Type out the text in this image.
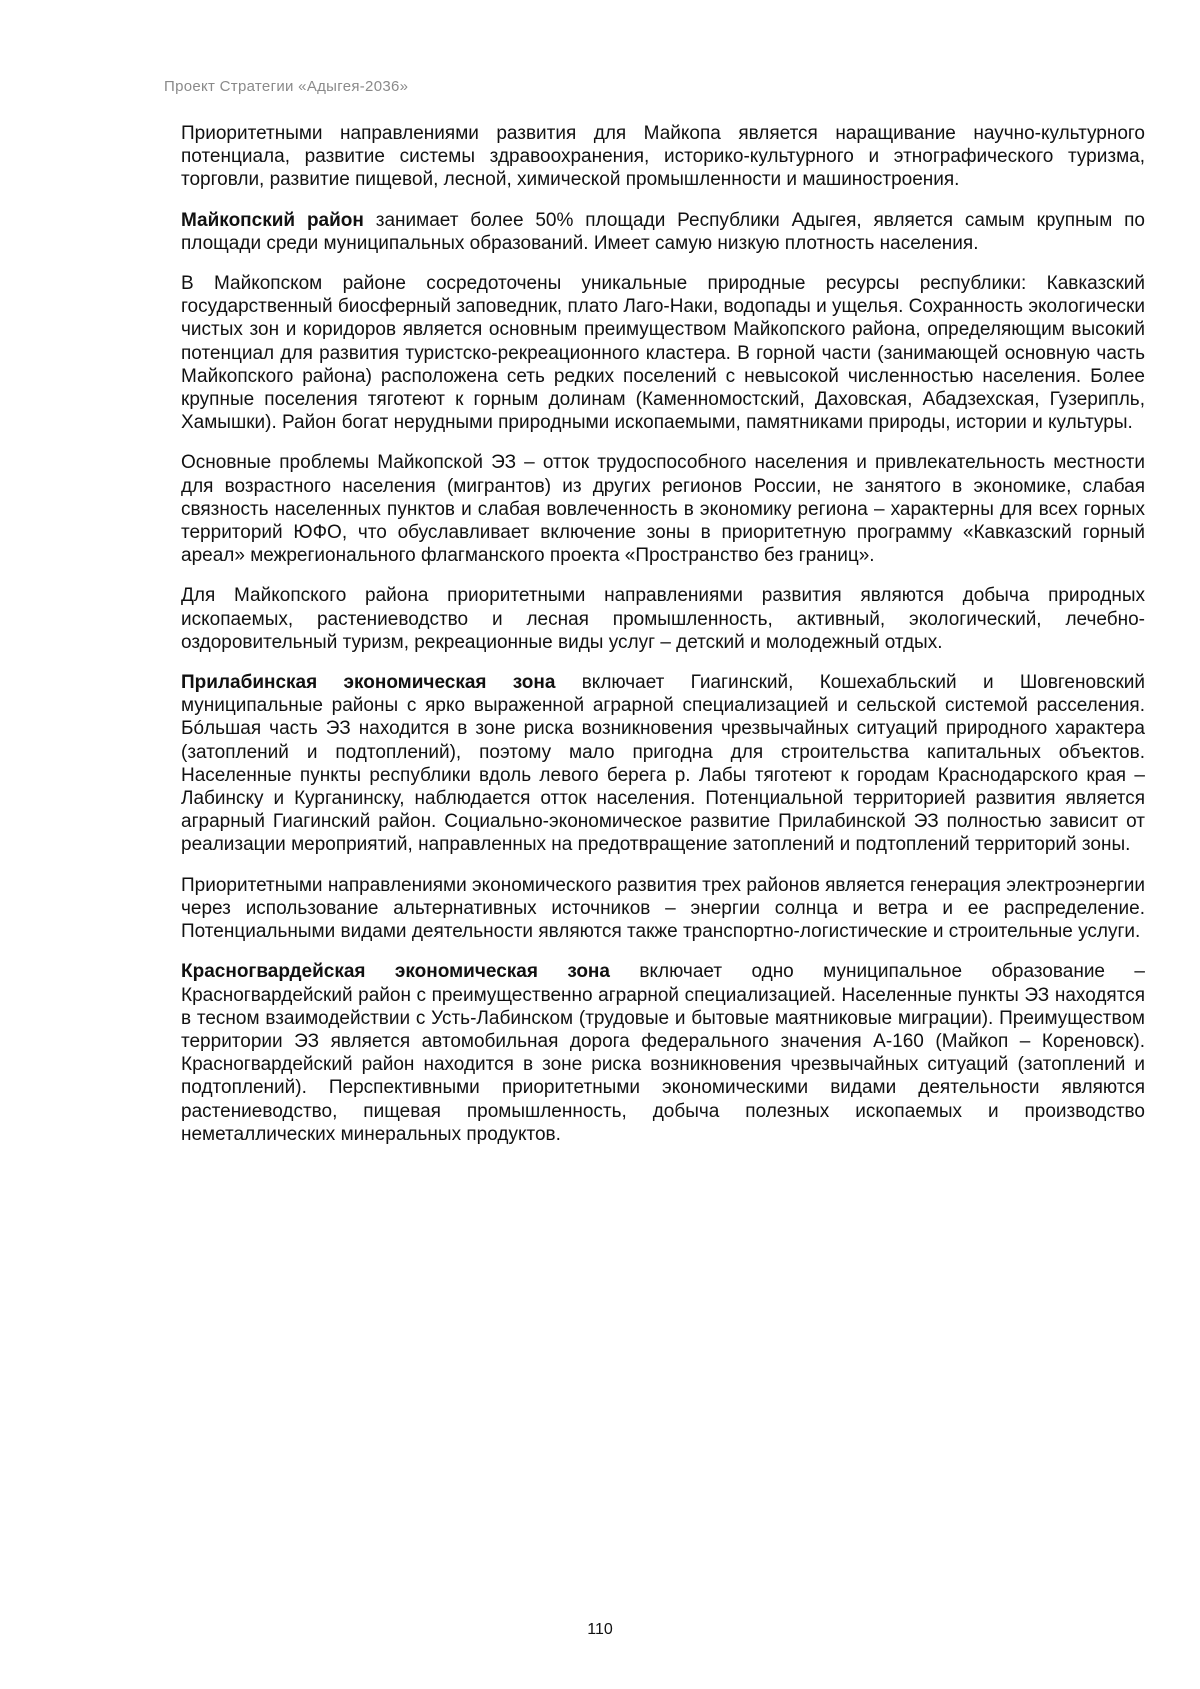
Проект Стратегии «Адыгея-2036»

Приоритетными направлениями развития для Майкопа является наращивание научно-культурного потенциала, развитие системы здравоохранения, историко-культурного и этнографического туризма, торговли, развитие пищевой, лесной, химической промышленности и машиностроения.

Майкопский район занимает более 50% площади Республики Адыгея, является самым крупным по площади среди муниципальных образований. Имеет самую низкую плотность населения.

В Майкопском районе сосредоточены уникальные природные ресурсы республики: Кавказский государственный биосферный заповедник, плато Лаго-Наки, водопады и ущелья. Сохранность экологически чистых зон и коридоров является основным преимуществом Майкопского района, определяющим высокий потенциал для развития туристско-рекреационного кластера. В горной части (занимающей основную часть Майкопского района) расположена сеть редких поселений с невысокой численностью населения. Более крупные поселения тяготеют к горным долинам (Каменномостский, Даховская, Абадзехская, Гузерипль, Хамышки). Район богат нерудными природными ископаемыми, памятниками природы, истории и культуры.

Основные проблемы Майкопской ЭЗ – отток трудоспособного населения и привлекательность местности для возрастного населения (мигрантов) из других регионов России, не занятого в экономике, слабая связность населенных пунктов и слабая вовлеченность в экономику региона – характерны для всех горных территорий ЮФО, что обуславливает включение зоны в приоритетную программу «Кавказский горный ареал» межрегионального флагманского проекта «Пространство без границ».

Для Майкопского района приоритетными направлениями развития являются добыча природных ископаемых, растениеводство и лесная промышленность, активный, экологический, лечебно-оздоровительный туризм, рекреационные виды услуг – детский и молодежный отдых.

Прилабинская экономическая зона включает Гиагинский, Кошехабльский и Шовгеновский муниципальные районы с ярко выраженной аграрной специализацией и сельской системой расселения. Бóльшая часть ЭЗ находится в зоне риска возникновения чрезвычайных ситуаций природного характера (затоплений и подтоплений), поэтому мало пригодна для строительства капитальных объектов. Населенные пункты республики вдоль левого берега р. Лабы тяготеют к городам Краснодарского края – Лабинску и Курганинску, наблюдается отток населения. Потенциальной территорией развития является аграрный Гиагинский район. Социально-экономическое развитие Прилабинской ЭЗ полностью зависит от реализации мероприятий, направленных на предотвращение затоплений и подтоплений территорий зоны.

Приоритетными направлениями экономического развития трех районов является генерация электроэнергии через использование альтернативных источников – энергии солнца и ветра и ее распределение. Потенциальными видами деятельности являются также транспортно-логистические и строительные услуги.

Красногвардейская экономическая зона включает одно муниципальное образование – Красногвардейский район с преимущественно аграрной специализацией. Населенные пункты ЭЗ находятся в тесном взаимодействии с Усть-Лабинском (трудовые и бытовые маятниковые миграции). Преимуществом территории ЭЗ является автомобильная дорога федерального значения А-160 (Майкоп – Кореновск). Красногвардейский район находится в зоне риска возникновения чрезвычайных ситуаций (затоплений и подтоплений). Перспективными приоритетными экономическими видами деятельности являются растениеводство, пищевая промышленность, добыча полезных ископаемых и производство неметаллических минеральных продуктов.

110
